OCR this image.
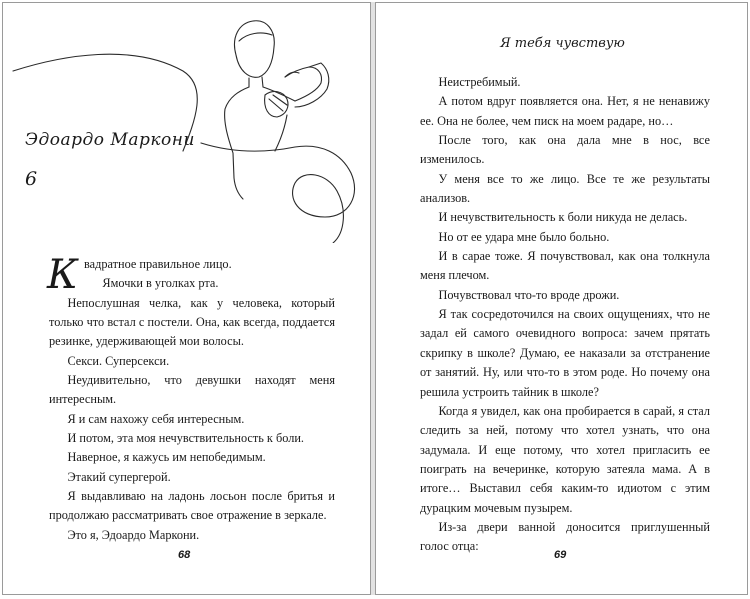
Эдоардо Маркони
6

Квадратное правильное лицо.

Ямочки в уголках рта.

Непослушная челка, как у человека, который только что встал с постели. Она, как всегда, поддается резинке, удерживающей мои волосы.

Секси. Суперсекси.

Неудивительно, что девушки находят меня интересным.

Я и сам нахожу себя интересным.

И потом, эта моя нечувствительность к боли.

Наверное, я кажусь им непобедимым.

Этакий супергерой.

Я выдавливаю на ладонь лосьон после бритья и продолжаю рассматривать свое отражение в зеркале.

Это я, Эдоардо Маркони.

68
Я тебя чувствую

Неистребимый.

А потом вдруг появляется она. Нет, я не ненавижу ее. Она не более, чем писк на моем радаре, но…

После того, как она дала мне в нос, все изменилось.

У меня все то же лицо. Все те же результаты анализов.

И нечувствительность к боли никуда не делась.

Но от ее удара мне было больно.

И в сарае тоже. Я почувствовал, как она толкнула меня плечом.

Почувствовал что-то вроде дрожи.

Я так сосредоточился на своих ощущениях, что не задал ей самого очевидного вопроса: зачем прятать скрипку в школе? Думаю, ее наказали за отстранение от занятий. Ну, или что-то в этом роде. Но почему она решила устроить тайник в школе?

Когда я увидел, как она пробирается в сарай, я стал следить за ней, потому что хотел узнать, что она задумала. И еще потому, что хотел пригласить ее поиграть на вечеринке, которую затеяла мама. А в итоге… Выставил себя каким-то идиотом с этим дурацким мочевым пузырем.

Из-за двери ванной доносится приглушенный голос отца:

69
